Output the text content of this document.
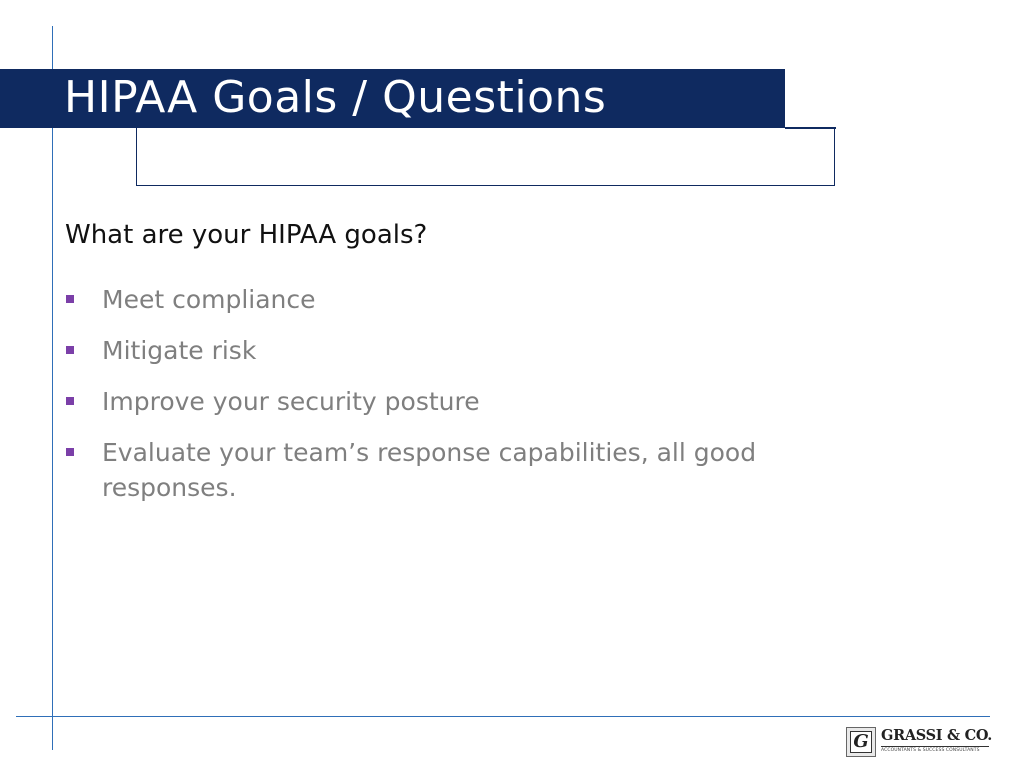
HIPAA Goals / Questions
What are your HIPAA goals?
Meet compliance
Mitigate risk
Improve your security posture
Evaluate your team’s response capabilities, all good responses.
G GRASSI & CO.
ACCOUNTANTS & SUCCESS CONSULTANTS
